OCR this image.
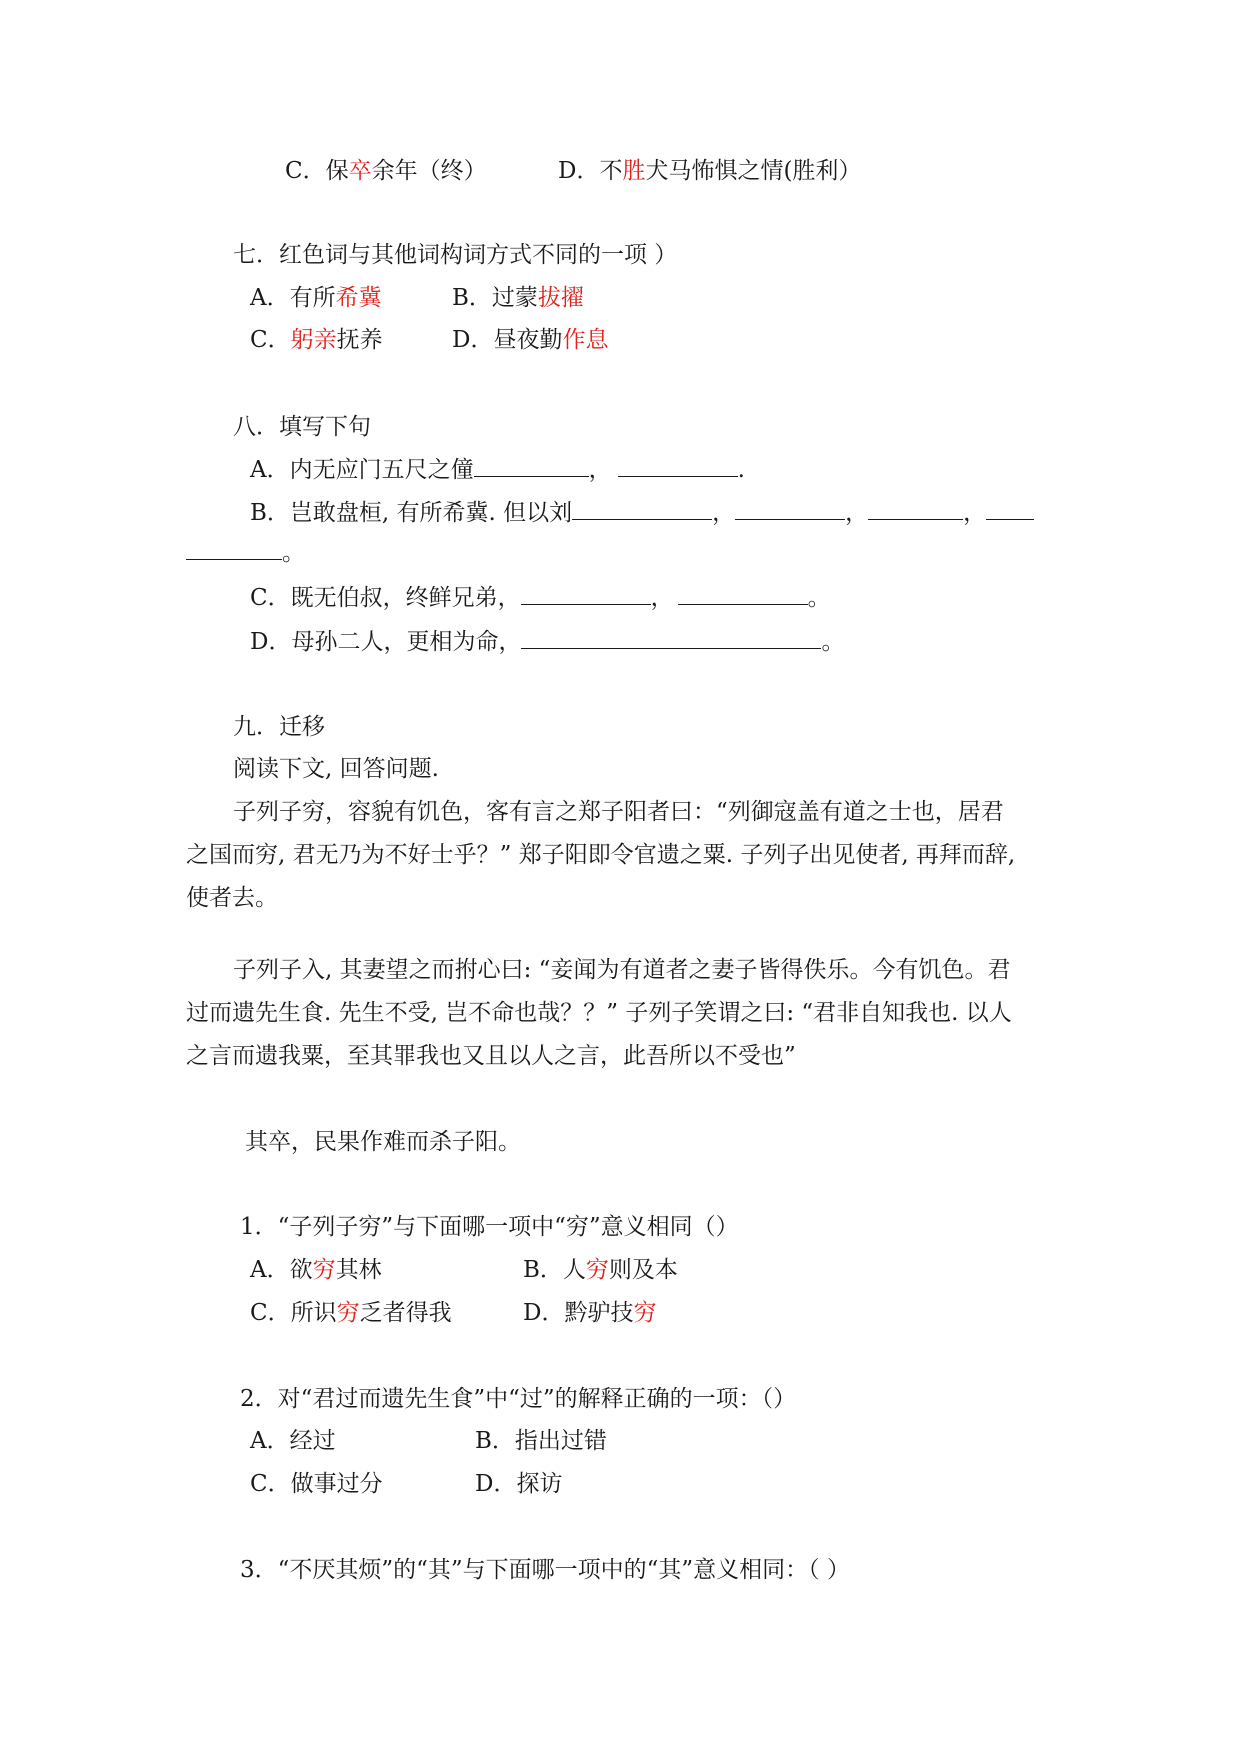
C．保卒余年（终）	D．不胜犬马怖惧之情(胜利）
七．红色词与其他词构词方式不同的一项 ）
A．有所希冀	B．过蒙拔擢
C．躬亲抚养	D．昼夜勤作息
八．填写下句
A．内无应门五尺之僮	，	.
B．岂敢盘桓, 有所希冀. 但以刘	，	，	，
。
C．既无伯叔，终鲜兄弟，	，	。
D．母孙二人，更相为命，	。
九．迁移
阅读下文, 回答问题.
子列子穷，容貌有饥色，客有言之郑子阳者曰：“列御寇盖有道之士也，居君
之国而穷, 君无乃为不好士乎？” 郑子阳即令官遗之粟. 子列子出见使者, 再拜而辞,
使者去。
子列子入, 其妻望之而拊心曰: “妾闻为有道者之妻子皆得佚乐。今有饥色。君
过而遗先生食. 先生不受, 岂不命也哉？？” 子列子笑谓之曰: “君非自知我也. 以人
之言而遗我粟，至其罪我也又且以人之言，此吾所以不受也”
其卒，民果作难而杀子阳。
1．“子列子穷”与下面哪一项中“穷”意义相同（）
A．欲穷其林	B．人穷则及本
C．所识穷乏者得我	D．黔驴技穷
2．对“君过而遗先生食”中“过”的解释正确的一项：（）
A．经过	B．指出过错
C．做事过分	D．探访
3．“不厌其烦”的“其”与下面哪一项中的“其”意义相同：（ ）
